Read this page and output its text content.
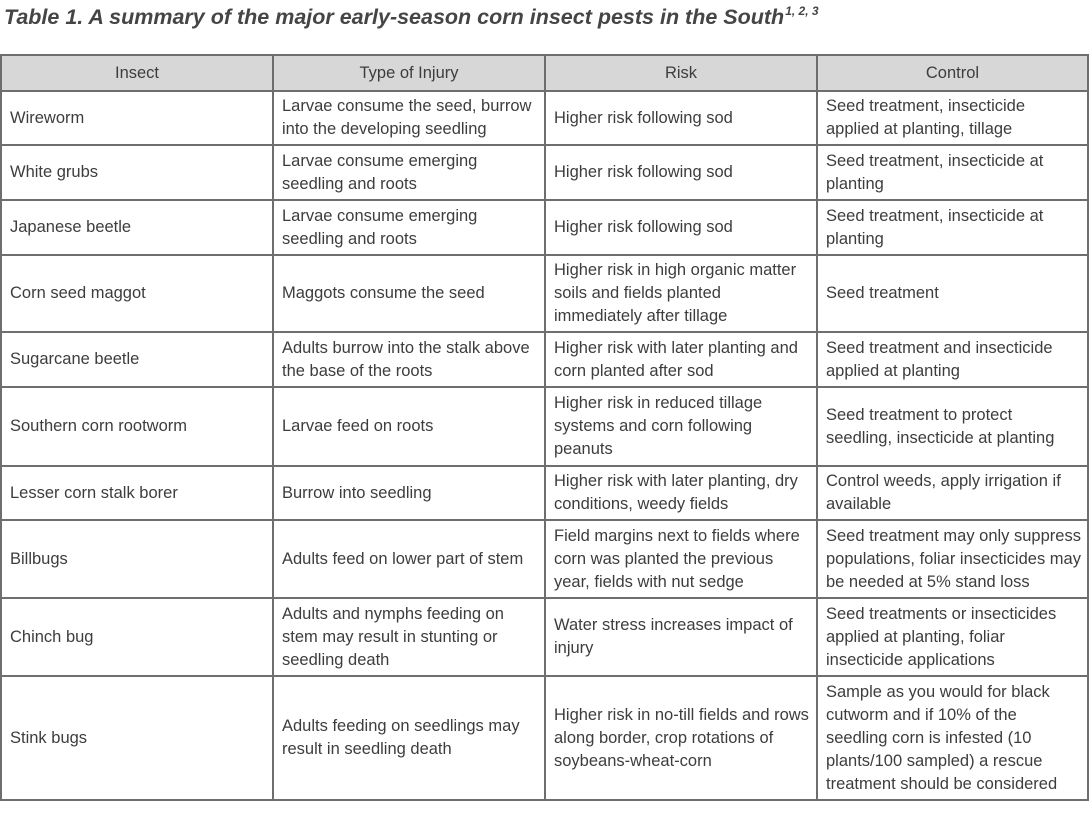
Table 1. A summary of the major early-season corn insect pests in the South$^{1, 2, 3}$
Insect	Type of Injury	Risk	Control
Wireworm	Larvae consume the seed, burrow into the developing seedling	Higher risk following sod	Seed treatment, insecticide applied at planting, tillage
White grubs	Larvae consume emerging seedling and roots	Higher risk following sod	Seed treatment, insecticide at planting
Japanese beetle	Larvae consume emerging seedling and roots	Higher risk following sod	Seed treatment, insecticide at planting
Corn seed maggot	Maggots consume the seed	Higher risk in high organic matter soils and fields planted immediately after tillage	Seed treatment
Sugarcane beetle	Adults burrow into the stalk above the base of the roots	Higher risk with later planting and corn planted after sod	Seed treatment and insecticide applied at planting
Southern corn rootworm	Larvae feed on roots	Higher risk in reduced tillage systems and corn following peanuts	Seed treatment to protect seedling, insecticide at planting
Lesser corn stalk borer	Burrow into seedling	Higher risk with later planting, dry conditions, weedy fields	Control weeds, apply irrigation if available
Billbugs	Adults feed on lower part of stem	Field margins next to fields where corn was planted the previous year, fields with nut sedge	Seed treatment may only suppress populations, foliar insecticides may be needed at 5% stand loss
Chinch bug	Adults and nymphs feeding on stem may result in stunting or seedling death	Water stress increases impact of injury	Seed treatments or insecticides applied at planting, foliar insecticide applications
Stink bugs	Adults feeding on seedlings may result in seedling death	Higher risk in no-till fields and rows along border, crop rotations of soybeans-wheat-corn	Sample as you would for black cutworm and if 10% of the seedling corn is infested (10 plants/100 sampled) a rescue treatment should be considered
